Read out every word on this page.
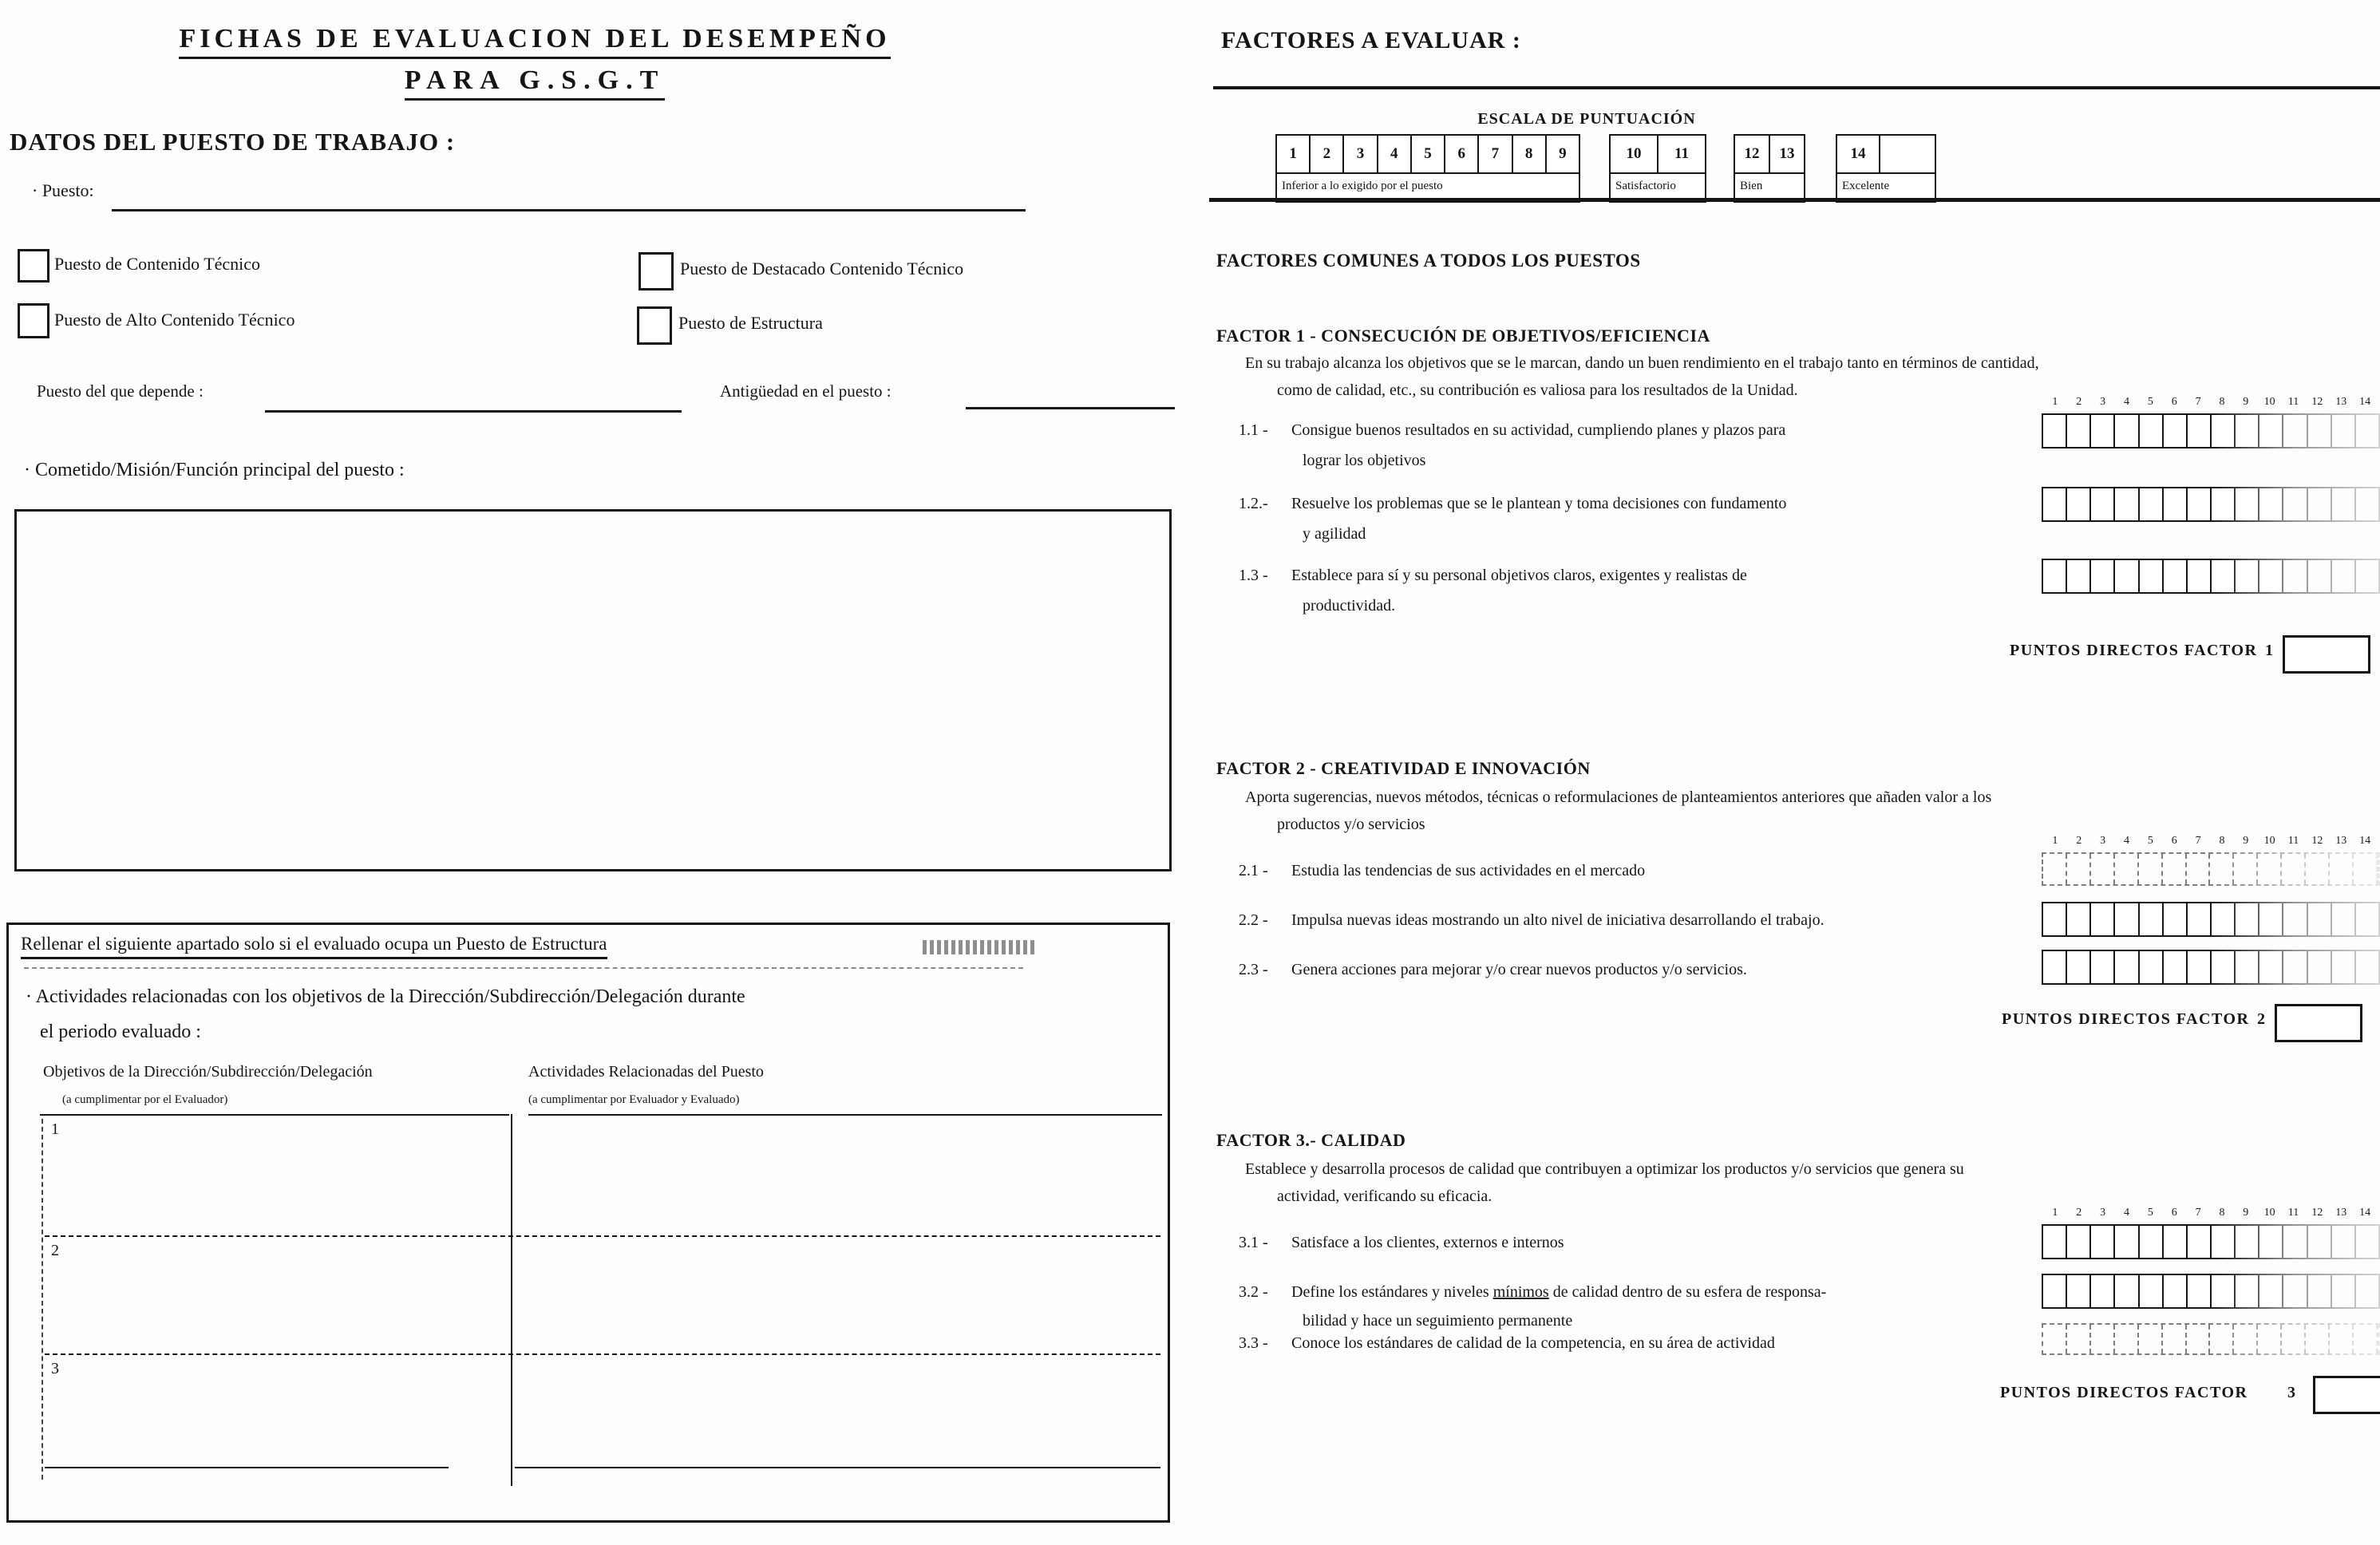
FICHAS DE EVALUACION DEL DESEMPEÑO
PARA G.S.G.T
DATOS DEL PUESTO DE TRABAJO :
· Puesto:
Puesto de Contenido Técnico	Puesto de Destacado Contenido Técnico
Puesto de Alto Contenido Técnico	Puesto de Estructura
Puesto del que depende :	Antigüedad en el puesto :
· Cometido/Misión/Función principal del puesto :
Rellenar el siguiente apartado solo si el evaluado ocupa un Puesto de Estructura
· Actividades relacionadas con los objetivos de la Dirección/Subdirección/Delegación durante
el periodo evaluado :
Objetivos de la Dirección/Subdirección/Delegación
(a cumplimentar por el Evaluador)
Actividades Relacionadas del Puesto
(a cumplimentar por Evaluador y Evaluado)
1
2
3
FACTORES A EVALUAR :
ESCALA DE PUNTUACIÓN
1	2	3	4	5	6	7	8	9
Inferior a lo exigido por el puesto
10	11
Satisfactorio
12	13
Bien
14
Excelente
FACTORES COMUNES A TODOS LOS PUESTOS
FACTOR 1 - CONSECUCIÓN DE OBJETIVOS/EFICIENCIA
En su trabajo alcanza los objetivos que se le marcan, dando un buen rendimiento en el trabajo tanto en términos de cantidad,
como de calidad, etc., su contribución es valiosa para los resultados de la Unidad.
1	2	3	4	5	6	7	8	9	10	11	12	13	14
1.1 - Consigue buenos resultados en su actividad, cumpliendo planes y plazos para
lograr los objetivos
1.2.- Resuelve los problemas que se le plantean y toma decisiones con fundamento
y agilidad
1.3 - Establece para sí y su personal objetivos claros, exigentes y realistas de
productividad.
PUNTOS DIRECTOS FACTOR 1
FACTOR 2 - CREATIVIDAD E INNOVACIÓN
Aporta sugerencias, nuevos métodos, técnicas o reformulaciones de planteamientos anteriores que añaden valor a los
productos y/o servicios
1	2	3	4	5	6	7	8	9	10	11	12	13	14
2.1 - Estudia las tendencias de sus actividades en el mercado
2.2 - Impulsa nuevas ideas mostrando un alto nivel de iniciativa desarrollando el trabajo.
2.3 - Genera acciones para mejorar y/o crear nuevos productos y/o servicios.
PUNTOS DIRECTOS FACTOR 2
FACTOR 3.- CALIDAD
Establece y desarrolla procesos de calidad que contribuyen a optimizar los productos y/o servicios que genera su
actividad, verificando su eficacia.
1	2	3	4	5	6	7	8	9	10	11	12	13	14
3.1 - Satisface a los clientes, externos e internos
3.2 - Define los estándares y niveles mínimos de calidad dentro de su esfera de responsa-
bilidad y hace un seguimiento permanente
3.3 - Conoce los estándares de calidad de la competencia, en su área de actividad
PUNTOS DIRECTOS FACTOR 3
